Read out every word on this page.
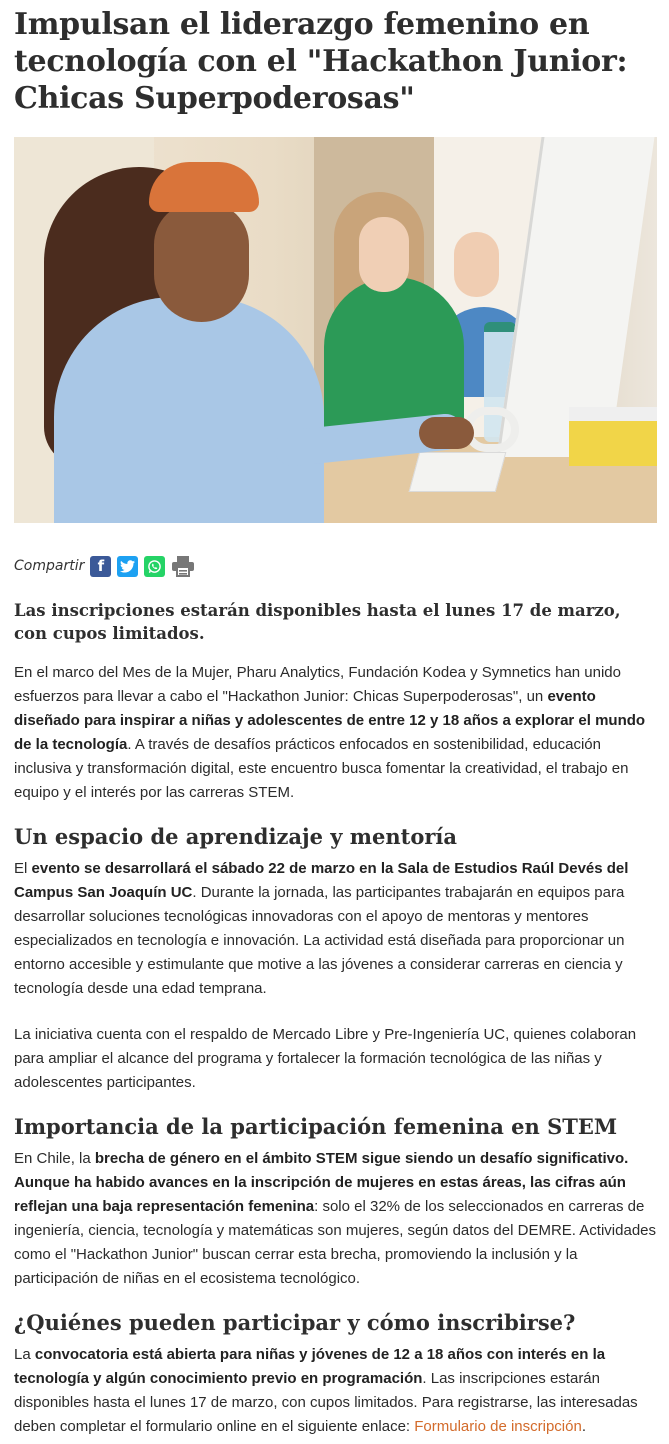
Impulsan el liderazgo femenino en tecnología con el "Hackathon Junior: Chicas Superpoderosas"
Compartir f

Las inscripciones estarán disponibles hasta el lunes 17 de marzo, con cupos limitados.

En el marco del Mes de la Mujer, Pharu Analytics, Fundación Kodea y Symnetics han unido esfuerzos para llevar a cabo el "Hackathon Junior: Chicas Superpoderosas", un evento diseñado para inspirar a niñas y adolescentes de entre 12 y 18 años a explorar el mundo de la tecnología. A través de desafíos prácticos enfocados en sostenibilidad, educación inclusiva y transformación digital, este encuentro busca fomentar la creatividad, el trabajo en equipo y el interés por las carreras STEM.

Un espacio de aprendizaje y mentoría

El evento se desarrollará el sábado 22 de marzo en la Sala de Estudios Raúl Devés del Campus San Joaquín UC. Durante la jornada, las participantes trabajarán en equipos para desarrollar soluciones tecnológicas innovadoras con el apoyo de mentoras y mentores especializados en tecnología e innovación. La actividad está diseñada para proporcionar un entorno accesible y estimulante que motive a las jóvenes a considerar carreras en ciencia y tecnología desde una edad temprana.

La iniciativa cuenta con el respaldo de Mercado Libre y Pre-Ingeniería UC, quienes colaboran para ampliar el alcance del programa y fortalecer la formación tecnológica de las niñas y adolescentes participantes.

Importancia de la participación femenina en STEM

En Chile, la brecha de género en el ámbito STEM sigue siendo un desafío significativo. Aunque ha habido avances en la inscripción de mujeres en estas áreas, las cifras aún reflejan una baja representación femenina: solo el 32% de los seleccionados en carreras de ingeniería, ciencia, tecnología y matemáticas son mujeres, según datos del DEMRE. Actividades como el "Hackathon Junior" buscan cerrar esta brecha, promoviendo la inclusión y la participación de niñas en el ecosistema tecnológico.

¿Quiénes pueden participar y cómo inscribirse?

La convocatoria está abierta para niñas y jóvenes de 12 a 18 años con interés en la tecnología y algún conocimiento previo en programación. Las inscripciones estarán disponibles hasta el lunes 17 de marzo, con cupos limitados. Para registrarse, las interesadas deben completar el formulario online en el siguiente enlace: Formulario de inscripción.
